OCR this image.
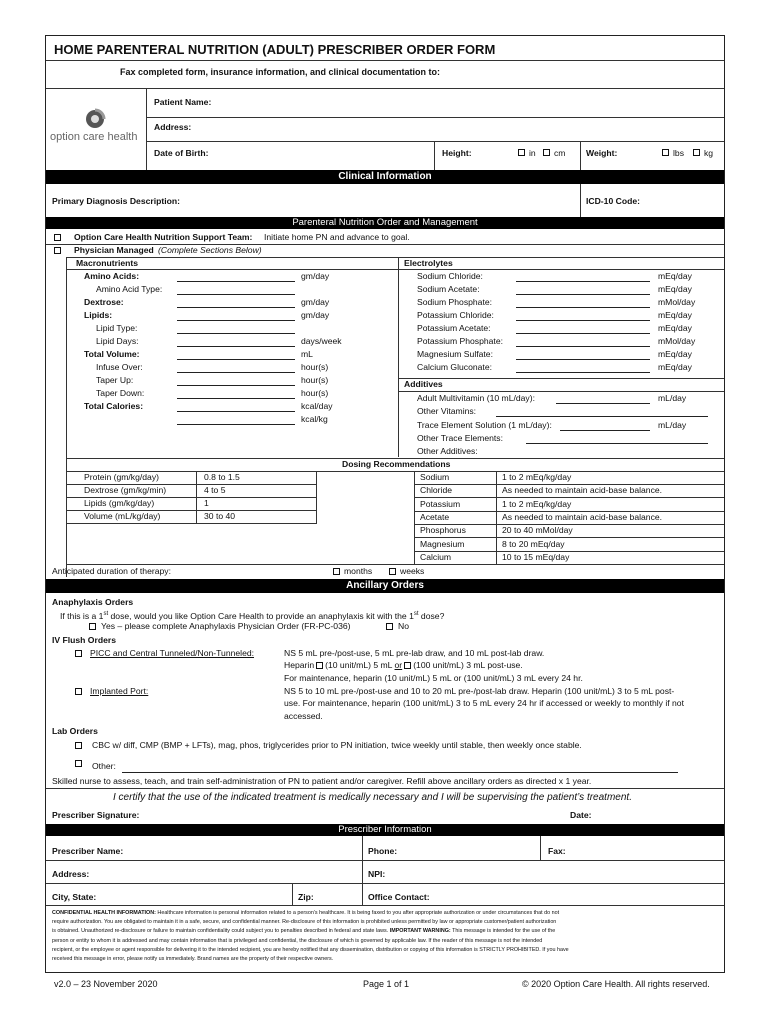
HOME PARENTERAL NUTRITION (ADULT) PRESCRIBER ORDER FORM
Fax completed form, insurance information, and clinical documentation to:
option care health
Patient Name:
Address:
Date of Birth:	Height:	in cm Weight:	lbs kg
Clinical Information
Primary Diagnosis Description:	ICD-10 Code:
Parenteral Nutrition Order and Management
Option Care Health Nutrition Support Team: Initiate home PN and advance to goal.
Physician Managed (Complete Sections Below)
Macronutrients	Electrolytes
Additives
Dosing Recommendations
Anticipated duration of therapy:	months	weeks
Ancillary Orders
Anaphylaxis Orders
If this is a 1st dose, would you like Option Care Health to provide an anaphylaxis kit with the 1st dose?
Yes – please complete Anaphylaxis Physician Order (FR-PC-036)	No
IV Flush Orders
PICC and Central Tunneled/Non-Tunneled:	NS 5 mL pre-/post-use, 5 mL pre-lab draw, and 10 mL post-lab draw.
Heparin (10 unit/mL) 5 mL or (100 unit/mL) 3 mL post-use.
For maintenance, heparin (10 unit/mL) 5 mL or (100 unit/mL) 3 mL every 24 hr.
Implanted Port:	NS 5 to 10 mL pre-/post-use and 10 to 20 mL pre-/post-lab draw. Heparin (100 unit/mL) 3 to 5 mL post-
use. For maintenance, heparin (100 unit/mL) 3 to 5 mL every 24 hr if accessed or weekly to monthly if not
accessed.
Lab Orders
CBC w/ diff, CMP (BMP + LFTs), mag, phos, triglycerides prior to PN initiation, twice weekly until stable, then weekly once stable.
Other:
Skilled nurse to assess, teach, and train self-administration of PN to patient and/or caregiver. Refill above ancillary orders as directed x 1 year.
I certify that the use of the indicated treatment is medically necessary and I will be supervising the patient’s treatment.
Prescriber Signature:	Date:
Prescriber Information
Prescriber Name:	Phone:	Fax:
Address:	NPI:
City, State:	Zip:	Office Contact:
CONFIDENTIAL HEALTH INFORMATION: Healthcare information is personal information related to a person’s healthcare. It is being faxed to you after appropriate authorization or under circumstances that do not
require authorization. You are obligated to maintain it in a safe, secure, and confidential manner. Re-disclosure of this information is prohibited unless permitted by law or appropriate customer/patient authorization
is obtained. Unauthorized re-disclosure or failure to maintain confidentiality could subject you to penalties described in federal and state laws. IMPORTANT WARNING: This message is intended for the use of the
person or entity to whom it is addressed and may contain information that is privileged and confidential, the disclosure of which is governed by applicable law. If the reader of this message is not the intended
recipient, or the employee or agent responsible for delivering it to the intended recipient, you are hereby notified that any dissemination, distribution or copying of this information is STRICTLY PROHIBITED. If you have
received this message in error, please notify us immediately. Brand names are the property of their respective owners.
Amino Acids:	gm/day
Amino Acid Type:
Dextrose:	gm/day
Lipids:	gm/day
Lipid Type:
Lipid Days:	days/week
Total Volume:	mL
Infuse Over:	hour(s)
Taper Up:	hour(s)
Taper Down:	hour(s)
Total Calories:	kcal/day
kcal/kg
Sodium Chloride:	mEq/day
Sodium Acetate:	mEq/day
Sodium Phosphate:	mMol/day
Potassium Chloride:	mEq/day
Potassium Acetate:	mEq/day
Potassium Phosphate:	mMol/day
Magnesium Sulfate:	mEq/day
Calcium Gluconate:	mEq/day
Adult Multivitamin (10 mL/day):	mL/day
Other Vitamins:
Trace Element Solution (1 mL/day):	mL/day
Other Trace Elements:
Other Additives:
Protein (gm/kg/day)	0.8 to 1.5
Dextrose (gm/kg/min)	4 to 5
Lipids (gm/kg/day)	1
Volume (mL/kg/day)	30 to 40
Sodium	1 to 2 mEq/kg/day
Chloride	As needed to maintain acid-base balance.
Potassium	1 to 2 mEq/kg/day
Acetate	As needed to maintain acid-base balance.
Phosphorus	20 to 40 mMol/day
Magnesium	8 to 20 mEq/day
Calcium	10 to 15 mEq/day
v2.0 – 23 November 2020	Page 1 of 1	© 2020 Option Care Health. All rights reserved.
